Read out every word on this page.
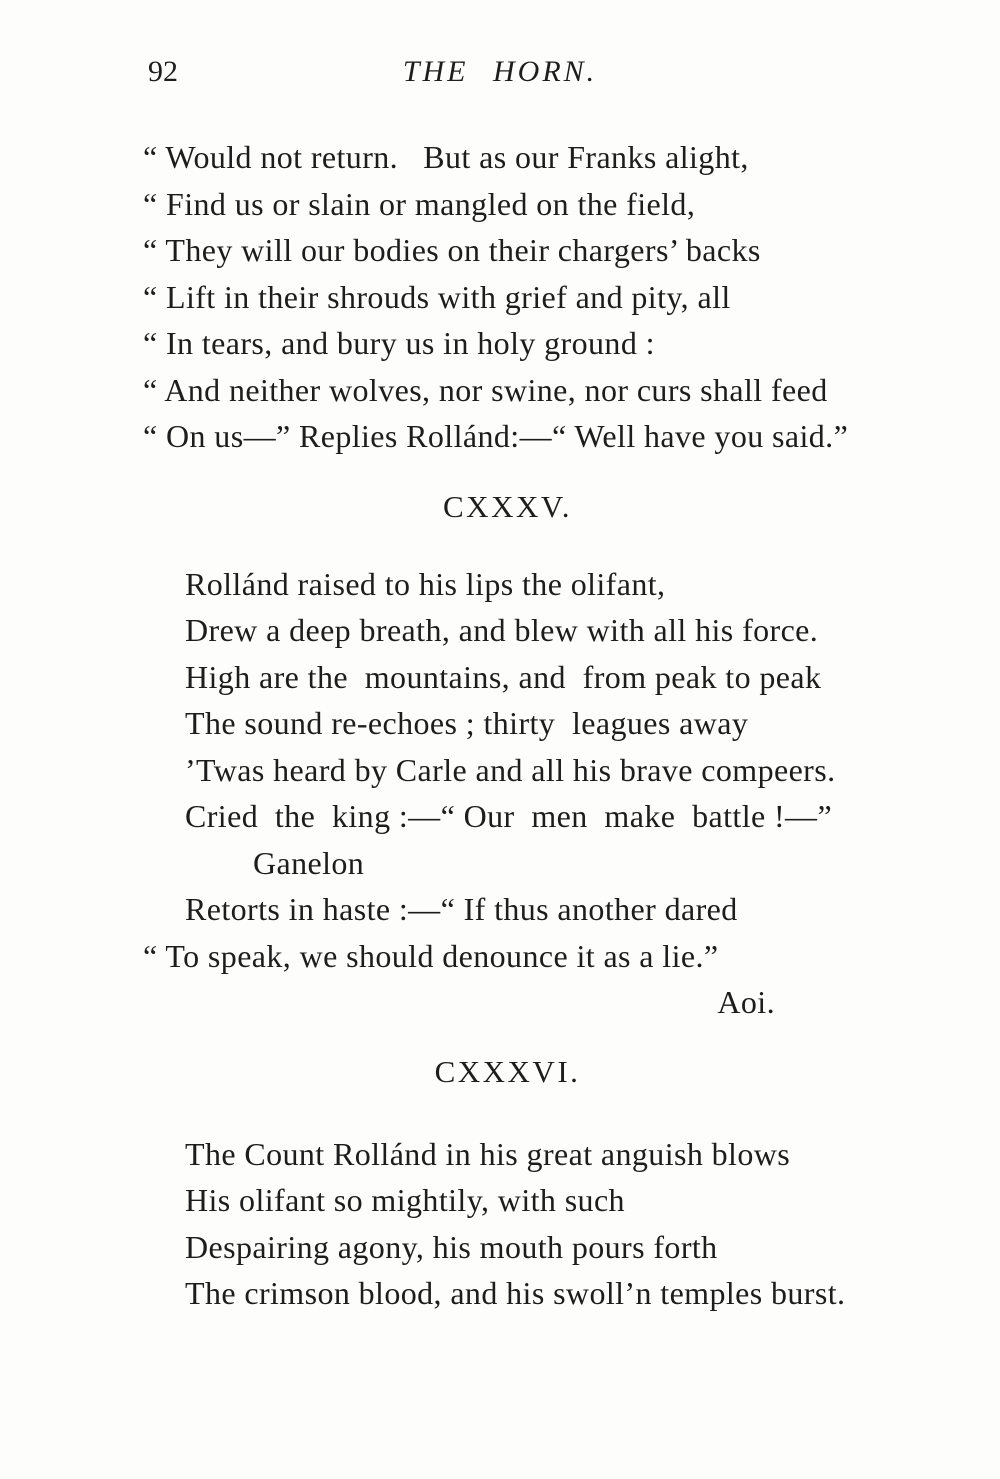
92	THE HORN.
“ Would not return.   But as our Franks alight,
“ Find us or slain or mangled on the field,
“ They will our bodies on their chargers’ backs
“ Lift in their shrouds with grief and pity, all
“ In tears, and bury us in holy ground :
“ And neither wolves, nor swine, nor curs shall feed
“ On us—” Replies Rollánd:—“ Well have you said.”
CXXXV.
Rollánd raised to his lips the olifant,
Drew a deep breath, and blew with all his force.
High are the  mountains, and  from peak to peak
The sound re-echoes ; thirty  leagues away
’Twas heard by Carle and all his brave compeers.
Cried  the  king :—“ Our  men  make  battle !—”
Ganelon
Retorts in haste :—“ If thus another dared
“ To speak, we should denounce it as a lie.”
Aoi.
CXXXVI.
The Count Rollánd in his great anguish blows
His olifant so mightily, with such
Despairing agony, his mouth pours forth
The crimson blood, and his swoll’n temples burst.
